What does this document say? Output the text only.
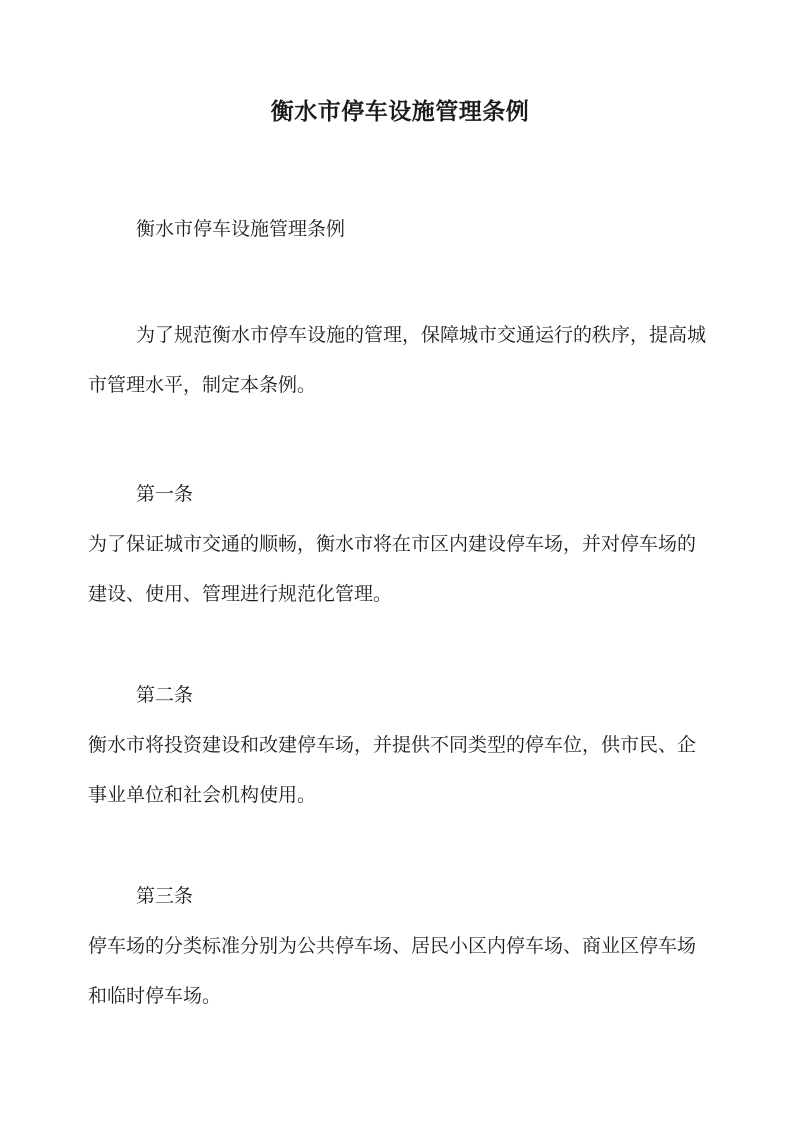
衡水市停车设施管理条例

衡水市停车设施管理条例

为了规范衡水市停车设施的管理，保障城市交通运行的秩序，提高城
市管理水平，制定本条例。

第一条

为了保证城市交通的顺畅，衡水市将在市区内建设停车场，并对停车场的
建设、使用、管理进行规范化管理。

第二条

衡水市将投资建设和改建停车场，并提供不同类型的停车位，供市民、企
事业单位和社会机构使用。

第三条

停车场的分类标准分别为公共停车场、居民小区内停车场、商业区停车场
和临时停车场。
